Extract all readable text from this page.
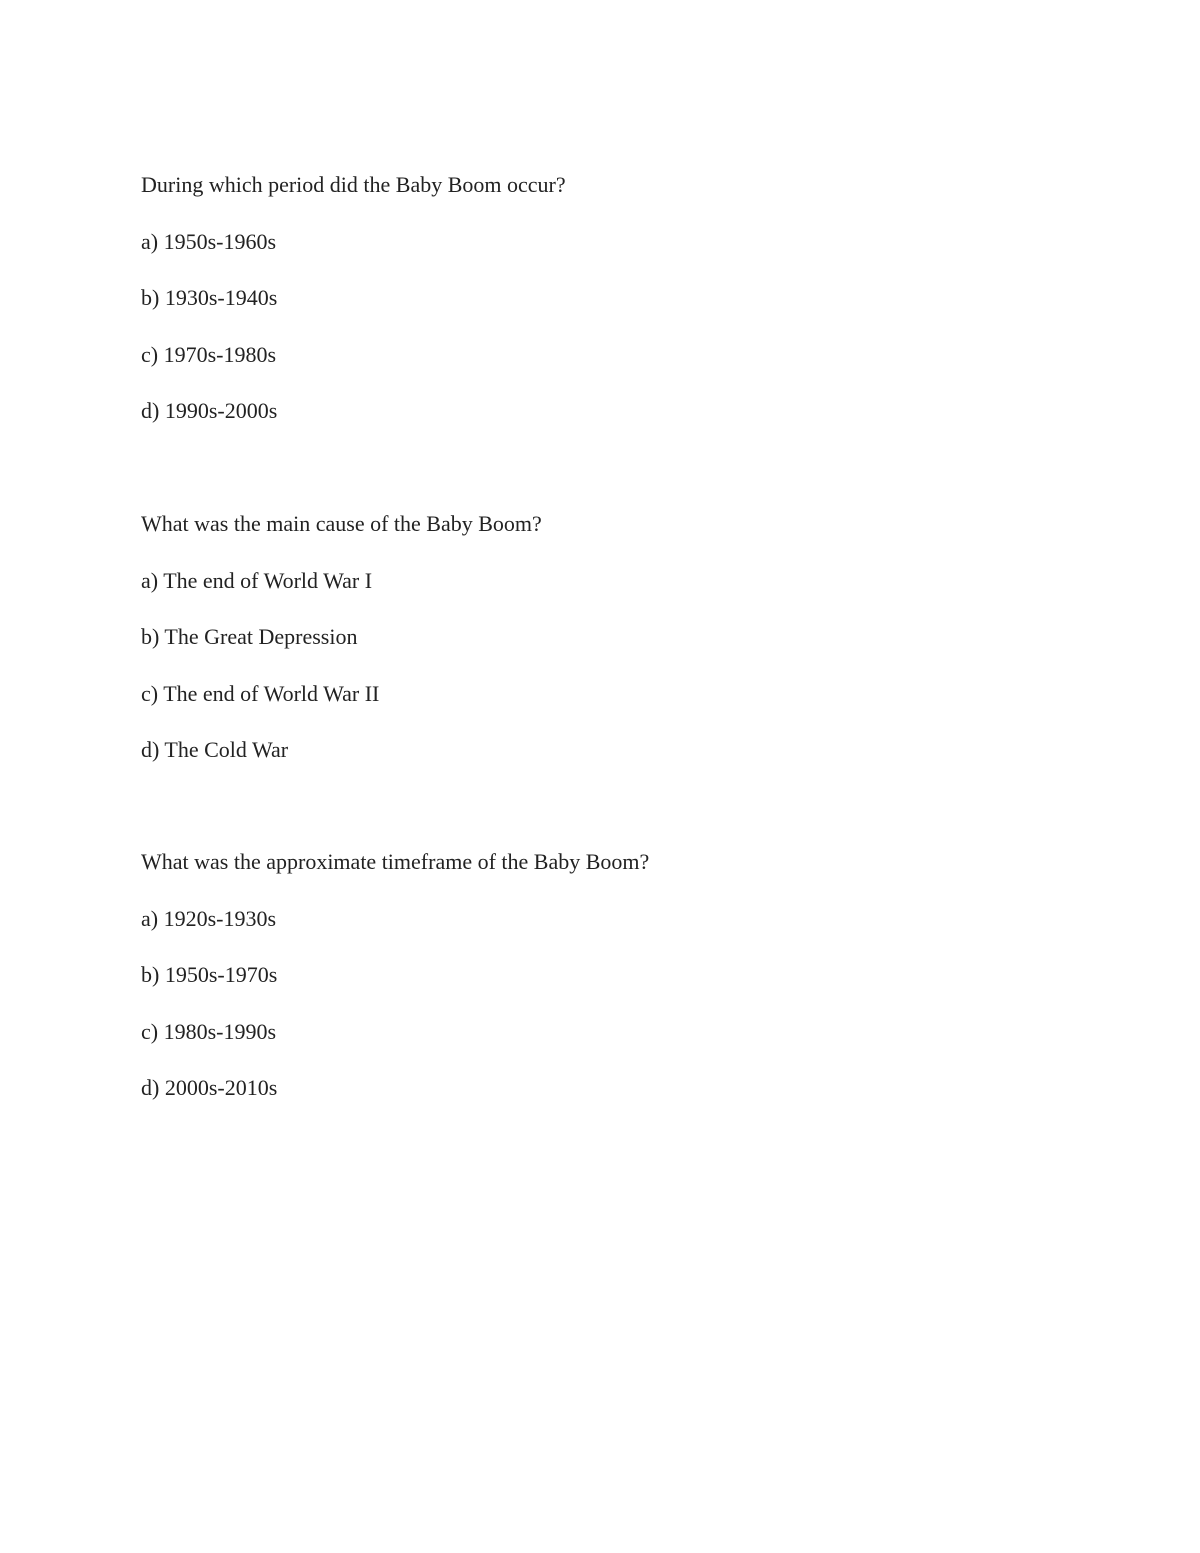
During which period did the Baby Boom occur?
a) 1950s-1960s
b) 1930s-1940s
c) 1970s-1980s
d) 1990s-2000s
What was the main cause of the Baby Boom?
a) The end of World War I
b) The Great Depression
c) The end of World War II
d) The Cold War
What was the approximate timeframe of the Baby Boom?
a) 1920s-1930s
b) 1950s-1970s
c) 1980s-1990s
d) 2000s-2010s
